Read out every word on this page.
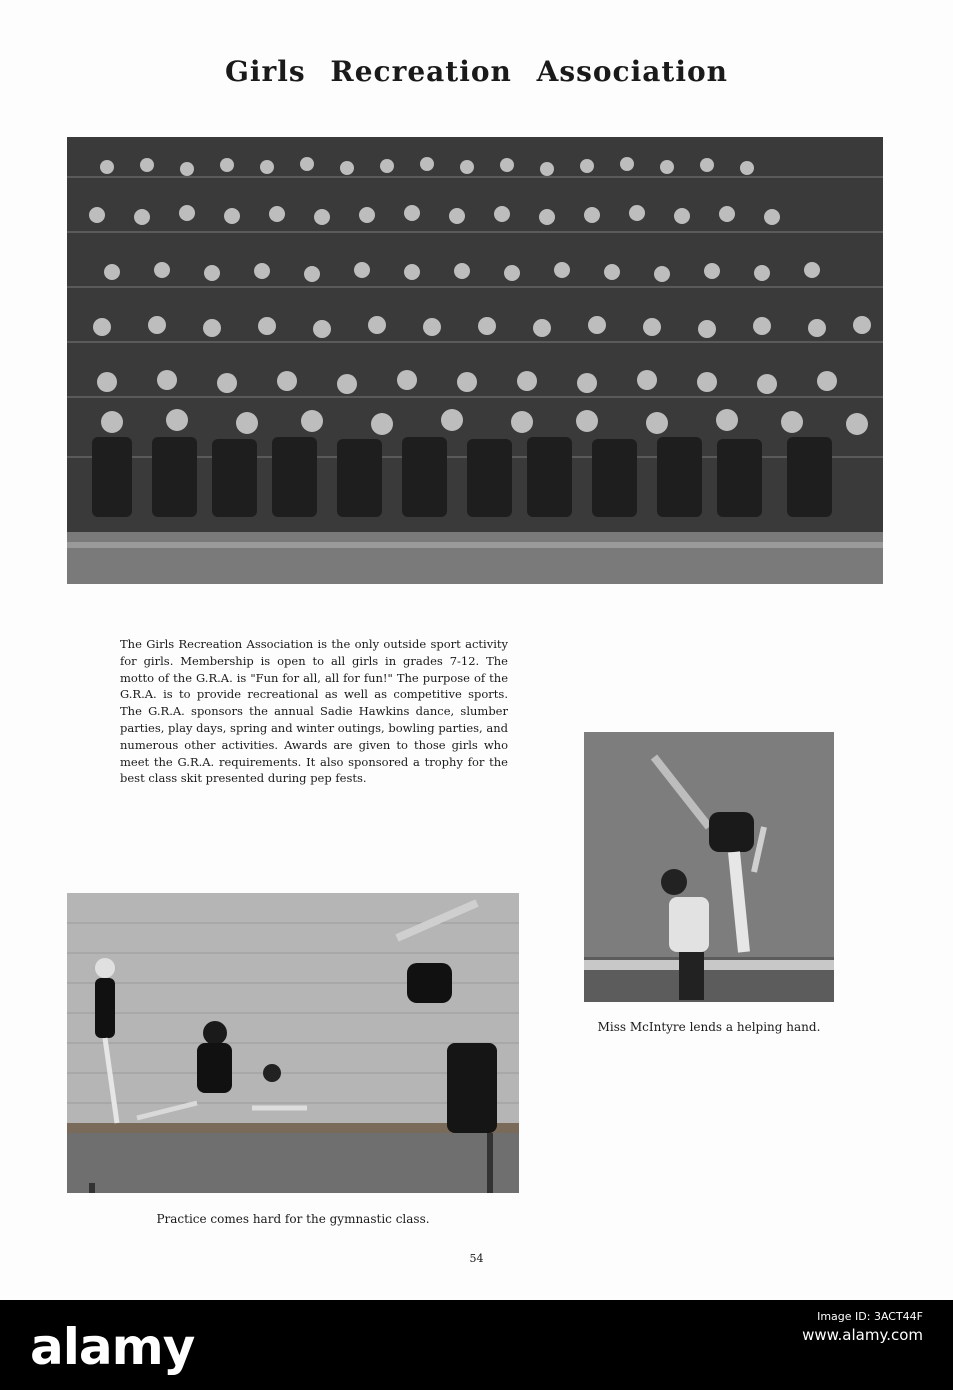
Girls Recreation Association

The Girls Recreation Association is the only outside sport activity for girls. Membership is open to all girls in grades 7-12. The motto of the G.R.A. is "Fun for all, all for fun!" The purpose of the G.R.A. is to provide recreational as well as competitive sports. The G.R.A. sponsors the annual Sadie Hawkins dance, slumber parties, play days, spring and winter outings, bowling parties, and numerous other activities. Awards are given to those girls who meet the G.R.A. requirements. It also sponsored a trophy for the best class skit presented during pep fests.

Miss McIntyre lends a helping hand.
Practice comes hard for the gymnastic class.
54
alamy
Image ID: 3ACT44F
www.alamy.com
